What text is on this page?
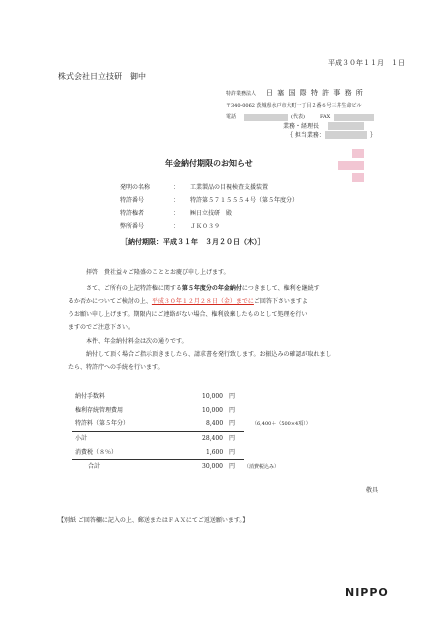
平成３０年１１月　１日
株式会社日立技研　御中
特許業務法人 日 塞 国 際 特 許 事 務 所
〒340-0062 茨城県水戸市大町一丁目２番６号三井生命ビル
電話	(代表)	FAX
業務・経理長
｛ 担当業務：	｝
年金納付期限のお知らせ
発明の名称	： 工業製品の目視検査支援装置
特許番号	： 特許第５７１５５５４号（第５年度分）
特許権者	： ㈱日立技研　殿
弊所番号	： ＪＫ０３９
［納付期限：平成３１年　３月２０日（木）］
拝啓　貴社益々ご隆盛のこととお慶び申し上げます。
さて、ご所有の上記特許権に関する第５年度分の年金納付につきまして、権利を継続す
るか否かについてご検討の上、平成３０年１２月２８日（金）までにご回答下さいますよ
うお願い申し上げます。期限内にご連絡がない場合、権利放棄したものとして処理を行い
ますのでご注意下さい。
本件、年金納付料金は次の通りです。
納付して頂く場合ご指示頂きましたら、請求書を発行致します。お振込みの確認が取れまし
たら、特許庁への手続を行います。
納付手数料	10,000 円
権利存続管理費用	10,000 円
特許料（第５年分）	8,400 円	（6,400＋（500×4項））
小計	28,400 円
消費税（８％）	1,600 円
合計	30,000 円 （消費税込み）
敬具
【別紙 ご回答欄に記入の上、郵送またはＦＡＸにてご返送願います。】
NIPPO
